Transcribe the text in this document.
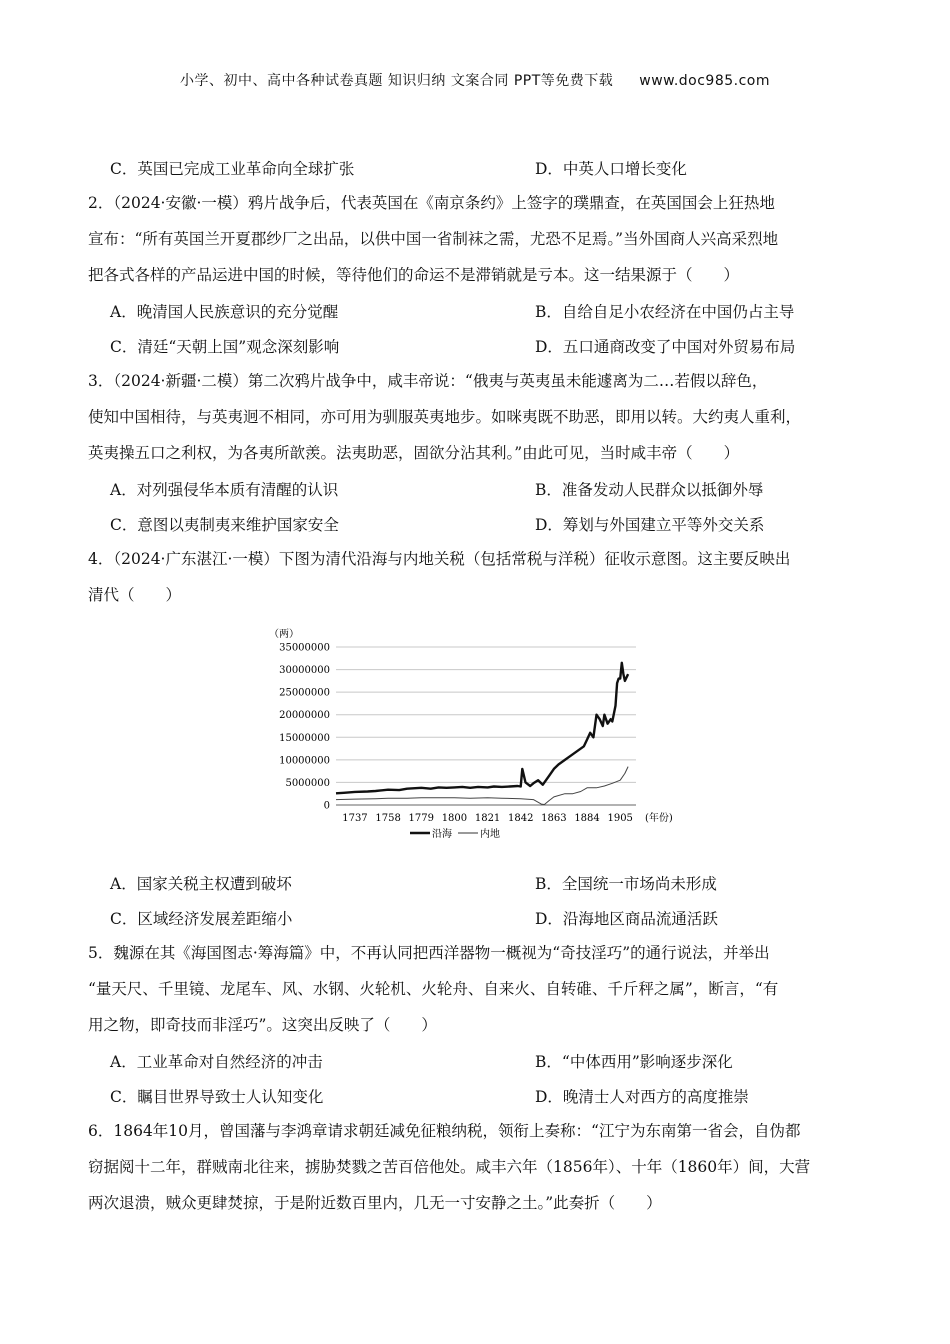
小学、初中、高中各种试卷真题 知识归纳 文案合同 PPT等免费下载 www.doc985.com
C．英国已完成工业革命向全球扩张	D．中英人口增长变化
2．（2024·安徽·一模）鸦片战争后，代表英国在《南京条约》上签字的璞鼎查，在英国国会上狂热地
宣布：“所有英国兰开夏郡纱厂之出品，以供中国一省制袜之需，尤恐不足焉。”当外国商人兴高采烈地
把各式各样的产品运进中国的时候，等待他们的命运不是滞销就是亏本。这一结果源于（　　）
A．晚清国人民族意识的充分觉醒	B．自给自足小农经济在中国仍占主导
C．清廷“天朝上国”观念深刻影响	D．五口通商改变了中国对外贸易布局
3．（2024·新疆·二模）第二次鸦片战争中，咸丰帝说：“俄夷与英夷虽未能遽离为二…若假以辞色，
使知中国相待，与英夷迥不相同，亦可用为驯服英夷地步。如咪夷既不助恶，即用以转。大约夷人重利，
英夷操五口之利权，为各夷所歆羡。法夷助恶，固欲分沾其利。”由此可见，当时咸丰帝（　　）
A．对列强侵华本质有清醒的认识	B．准备发动人民群众以抵御外辱
C．意图以夷制夷来维护国家安全	D．筹划与外国建立平等外交关系
4．（2024·广东湛江·一模）下图为清代沿海与内地关税（包括常税与洋税）征收示意图。这主要反映出
清代（　　）
（两）
35000000
30000000
25000000
20000000
15000000
10000000
5000000
0
1737 1758 1779 1800 1821 1842 1863 1884 1905 (年份)
沿海	内地
A．国家关税主权遭到破坏	B．全国统一市场尚未形成
C．区域经济发展差距缩小	D．沿海地区商品流通活跃
5．魏源在其《海国图志·筹海篇》中，不再认同把西洋器物一概视为“奇技淫巧”的通行说法，并举出
“量天尺、千里镜、龙尾车、风、水钢、火轮机、火轮舟、自来火、自转碓、千斤秤之属”，断言，“有
用之物，即奇技而非淫巧”。这突出反映了（　　）
A．工业革命对自然经济的冲击	B．“中体西用”影响逐步深化
C．瞩目世界导致士人认知变化	D．晚清士人对西方的高度推崇
6．1864年10月，曾国藩与李鸿章请求朝廷减免征粮纳税，领衔上奏称：“江宁为东南第一省会，自伪都
窃据阅十二年，群贼南北往来，掳胁焚戮之苦百倍他处。咸丰六年（1856年）、十年（1860年）间，大营
两次退溃，贼众更肆焚掠，于是附近数百里内，几无一寸安静之土。”此奏折（　　）
